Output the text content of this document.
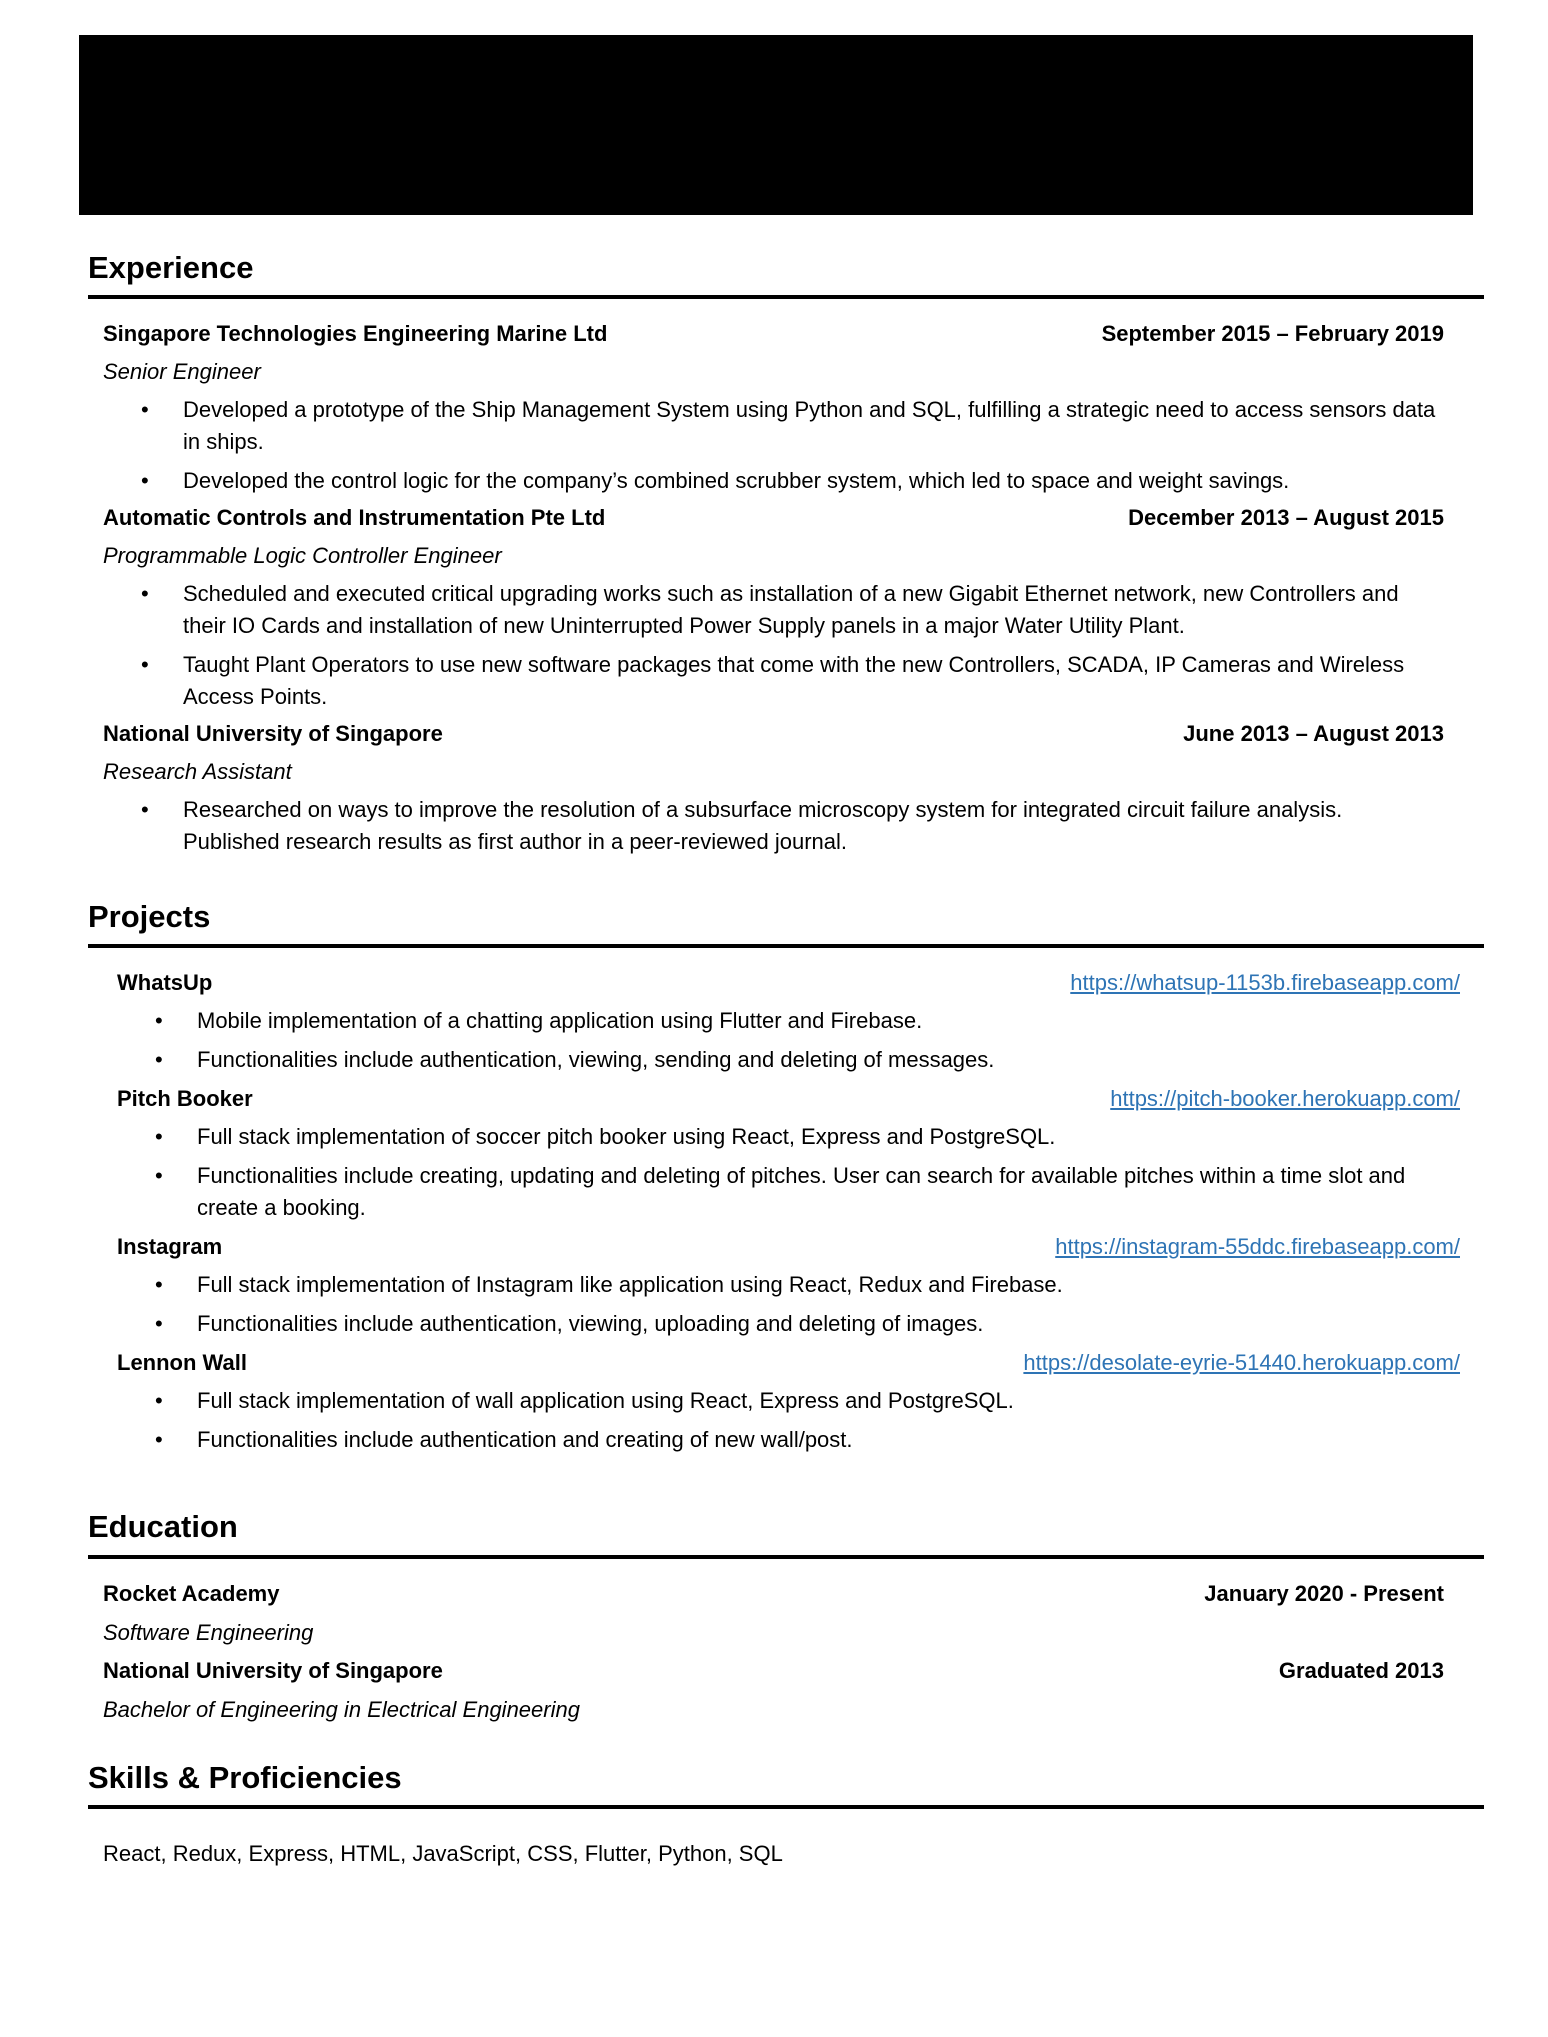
Experience
Singapore Technologies Engineering Marine Ltd	September 2015 – February 2019
Senior Engineer
• Developed a prototype of the Ship Management System using Python and SQL, fulfilling a strategic need to access sensors data in ships.
• Developed the control logic for the company’s combined scrubber system, which led to space and weight savings.
Automatic Controls and Instrumentation Pte Ltd	December 2013 – August 2015
Programmable Logic Controller Engineer
• Scheduled and executed critical upgrading works such as installation of a new Gigabit Ethernet network, new Controllers and their IO Cards and installation of new Uninterrupted Power Supply panels in a major Water Utility Plant.
• Taught Plant Operators to use new software packages that come with the new Controllers, SCADA, IP Cameras and Wireless Access Points.
National University of Singapore	June 2013 – August 2013
Research Assistant
• Researched on ways to improve the resolution of a subsurface microscopy system for integrated circuit failure analysis. Published research results as first author in a peer-reviewed journal.
Projects
WhatsUp	https://whatsup-1153b.firebaseapp.com/
• Mobile implementation of a chatting application using Flutter and Firebase.
• Functionalities include authentication, viewing, sending and deleting of messages.
Pitch Booker	https://pitch-booker.herokuapp.com/
• Full stack implementation of soccer pitch booker using React, Express and PostgreSQL.
• Functionalities include creating, updating and deleting of pitches. User can search for available pitches within a time slot and create a booking.
Instagram	https://instagram-55ddc.firebaseapp.com/
• Full stack implementation of Instagram like application using React, Redux and Firebase.
• Functionalities include authentication, viewing, uploading and deleting of images.
Lennon Wall	https://desolate-eyrie-51440.herokuapp.com/
• Full stack implementation of wall application using React, Express and PostgreSQL.
• Functionalities include authentication and creating of new wall/post.
Education
Rocket Academy	January 2020 - Present
Software Engineering
National University of Singapore	Graduated 2013
Bachelor of Engineering in Electrical Engineering
Skills & Proficiencies
React, Redux, Express, HTML, JavaScript, CSS, Flutter, Python, SQL
